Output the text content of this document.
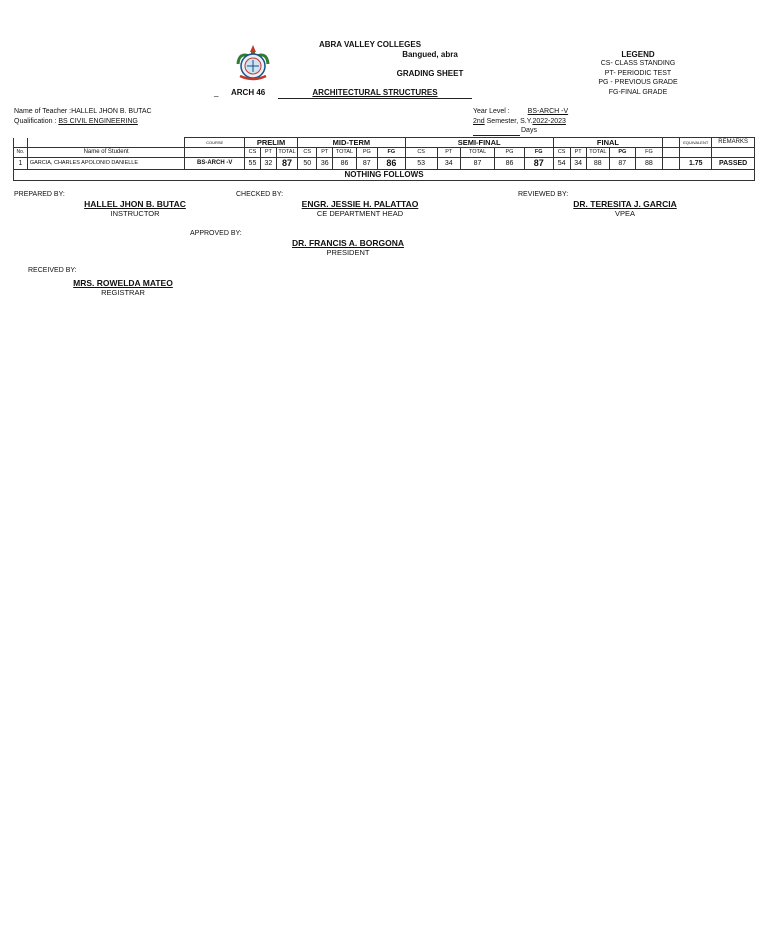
ABRA VALLEY COLLEGES
Bangued, abra
GRADING SHEET
_ ARCH 46	ARCHITECTURAL STRUCTURES
LEGEND
CS- CLASS STANDING
PT- PERIODIC TEST
PG - PREVIOUS GRADE
FG-FINAL GRADE
Name of Teacher :HALLEL JHON B. BUTAC
Qualification : BS CIVIL ENGINEERING
Year Level :	BS-ARCH -V
2nd Semester, S.Y.2022-2023
Days
		COURSE	PRELIM			MID-TERM					SEMI-FINAL					FINAL						EQUIVALENT	REMARKS
No.	Name of Student		CS	PT	TOTAL	CS	PT	TOTAL	PG	FG	CS	PT	TOTAL	PG	FG	CS	PT	TOTAL	PG	FG			
1	GARCIA, CHARLES APOLONIO DANIELLE	BS-ARCH -V	55	32	87	50	36	86	87	86	53	34	87	86	87	54	34	88	87	88		1.75	PASSED
NOTHING FOLLOWS																							
PREPARED BY:
HALLEL JHON B. BUTAC
INSTRUCTOR
CHECKED BY:
ENGR. JESSIE H. PALATTAO
CE DEPARTMENT HEAD
REVIEWED BY:
DR. TERESITA J. GARCIA
VPEA
APPROVED BY:
DR. FRANCIS A. BORGONA
PRESIDENT
RECEIVED BY:
MRS. ROWELDA MATEO
REGISTRAR
